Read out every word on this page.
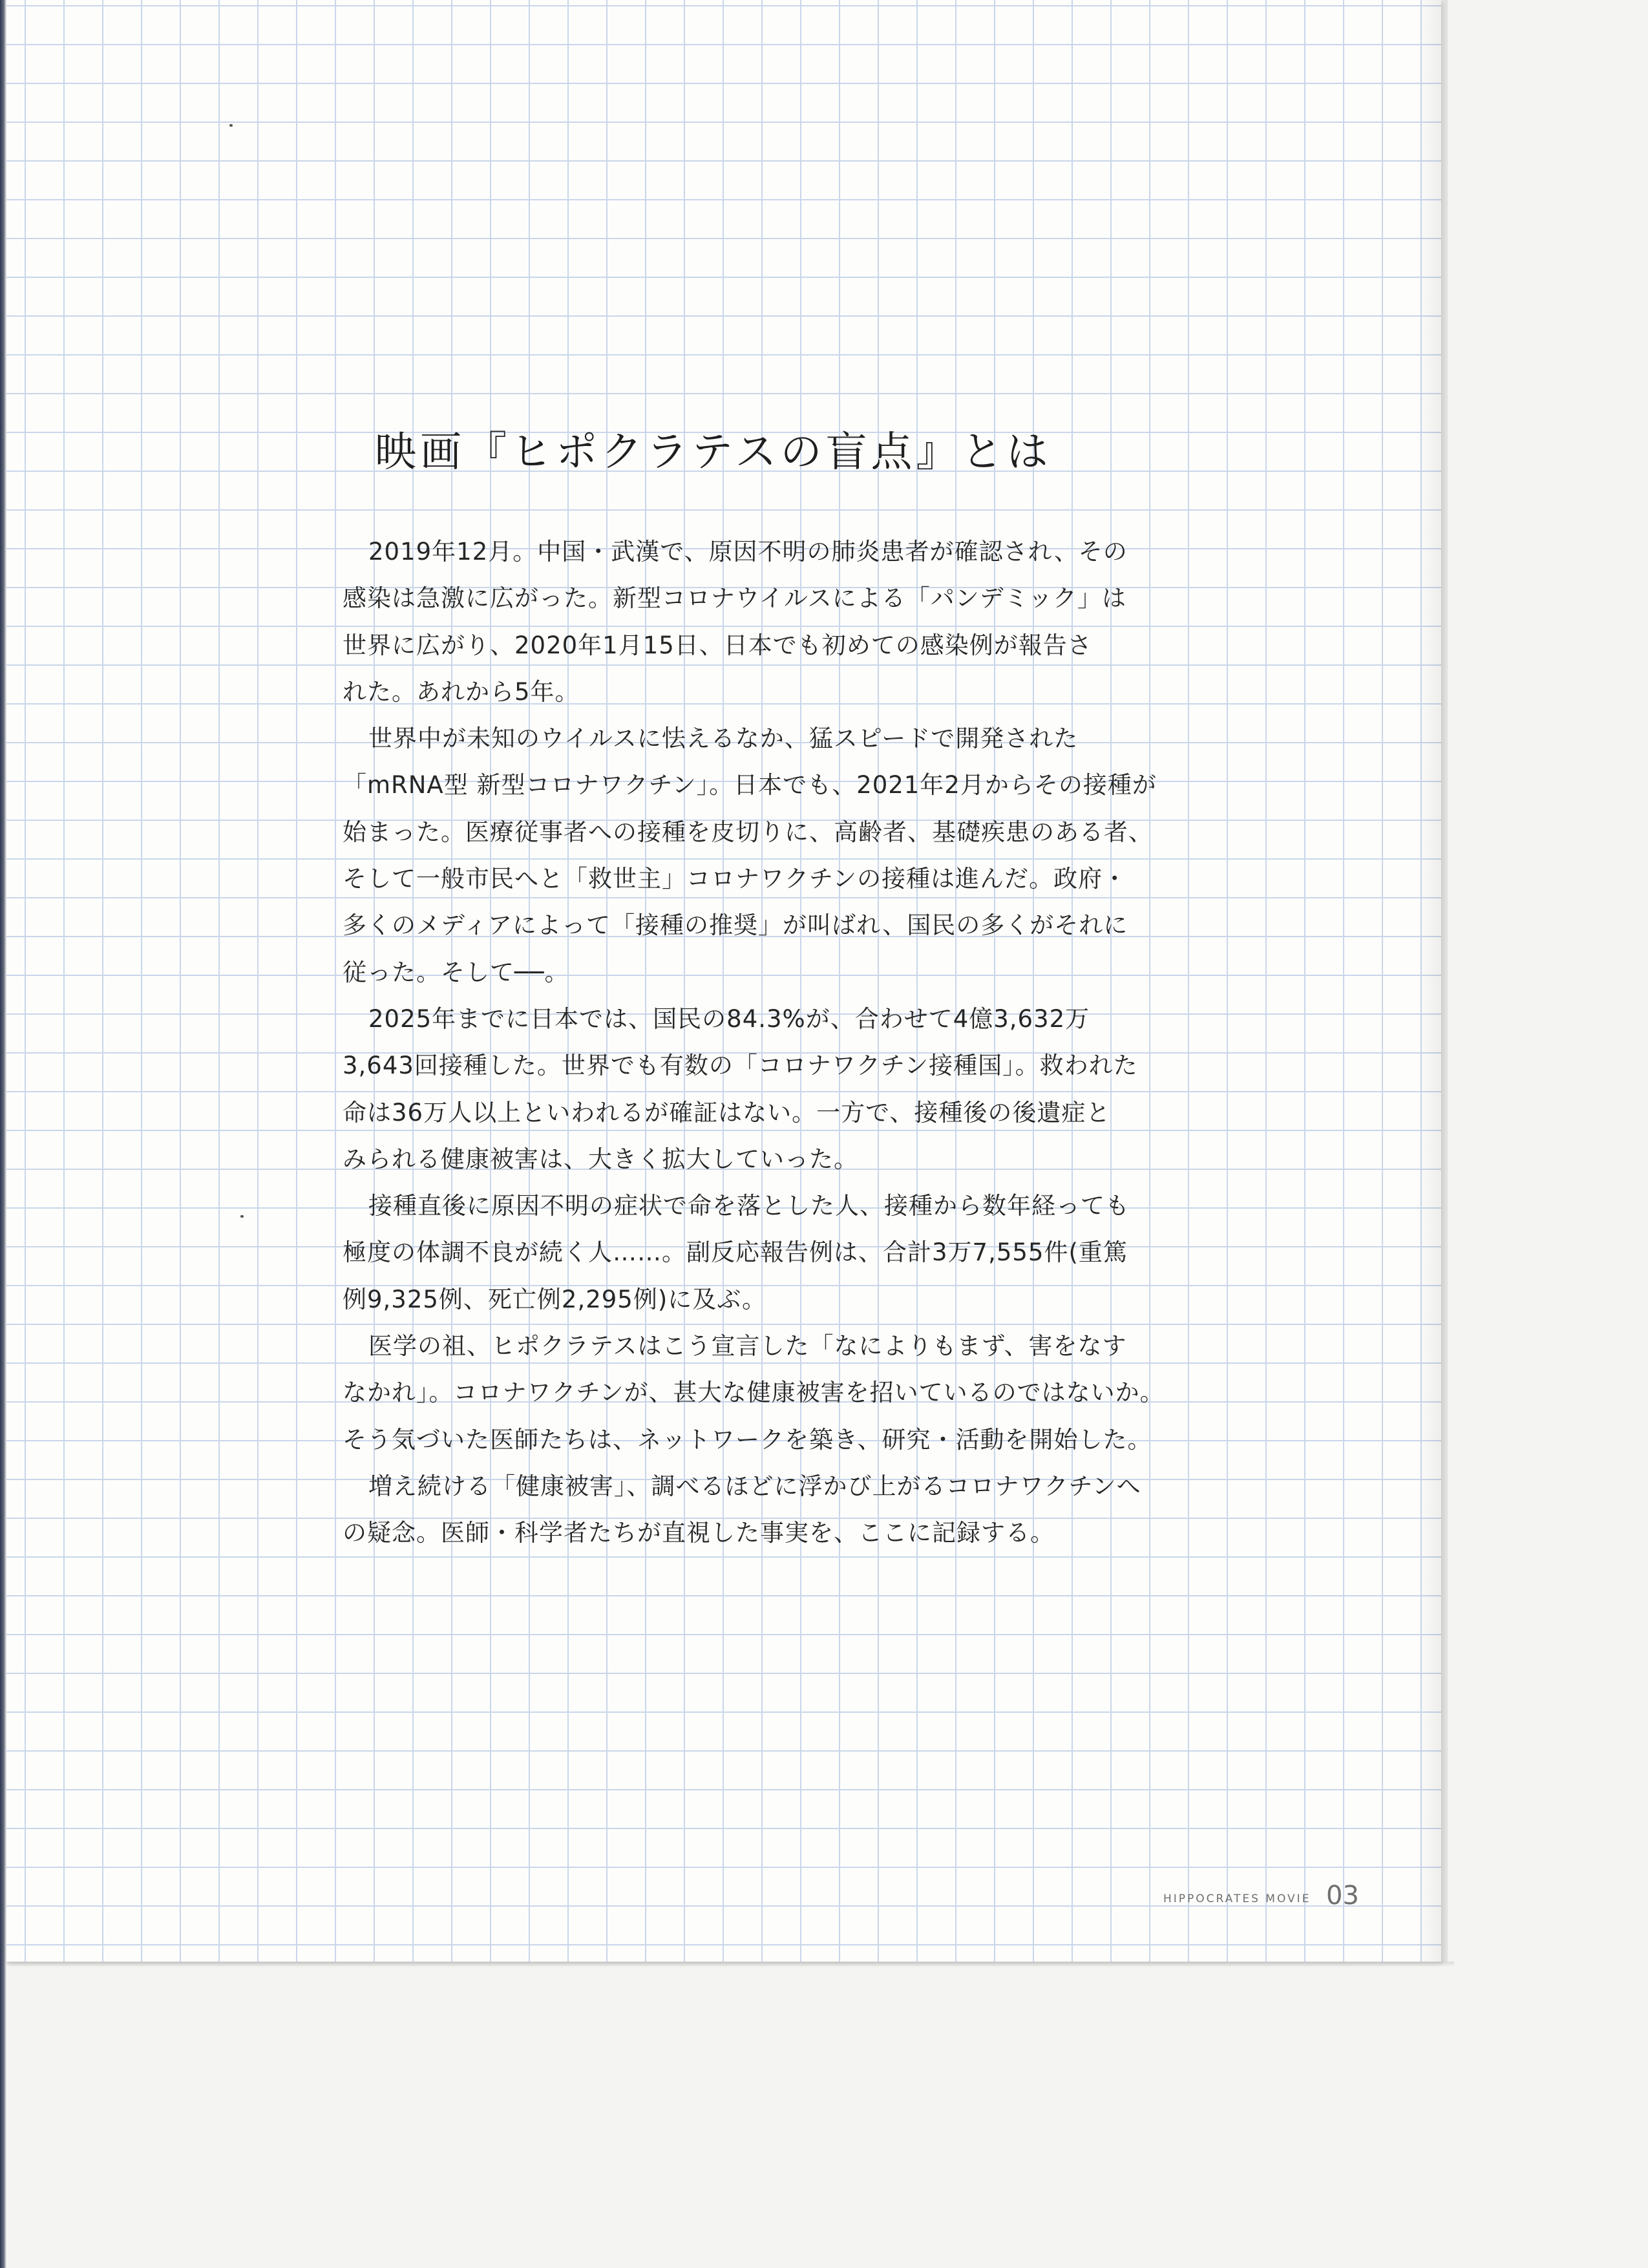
映画『ヒポクラテスの盲点』とは
2019年12月。中国・武漢で、原因不明の肺炎患者が確認され、その
感染は急激に広がった。新型コロナウイルスによる「パンデミック」は
世界に広がり、2020年1月15日、日本でも初めての感染例が報告さ
れた。あれから5年。
世界中が未知のウイルスに怯えるなか、猛スピードで開発された
「mRNA型 新型コロナワクチン」。日本でも、2021年2月からその接種が
始まった。医療従事者への接種を皮切りに、高齢者、基礎疾患のある者、
そして一般市民へと「救世主」コロナワクチンの接種は進んだ。政府・
多くのメディアによって「接種の推奨」が叫ばれ、国民の多くがそれに
従った。そして──。
2025年までに日本では、国民の84.3%が、合わせて4億3,632万
3,643回接種した。世界でも有数の「コロナワクチン接種国」。救われた
命は36万人以上といわれるが確証はない。一方で、接種後の後遺症と
みられる健康被害は、大きく拡大していった。
接種直後に原因不明の症状で命を落とした人、接種から数年経っても
極度の体調不良が続く人……。副反応報告例は、合計3万7,555件(重篤
例9,325例、死亡例2,295例)に及ぶ。
医学の祖、ヒポクラテスはこう宣言した「なによりもまず、害をなす
なかれ」。コロナワクチンが、甚大な健康被害を招いているのではないか。
そう気づいた医師たちは、ネットワークを築き、研究・活動を開始した。
増え続ける「健康被害」、調べるほどに浮かび上がるコロナワクチンへ
の疑念。医師・科学者たちが直視した事実を、ここに記録する。
HIPPOCRATES MOVIE 03
